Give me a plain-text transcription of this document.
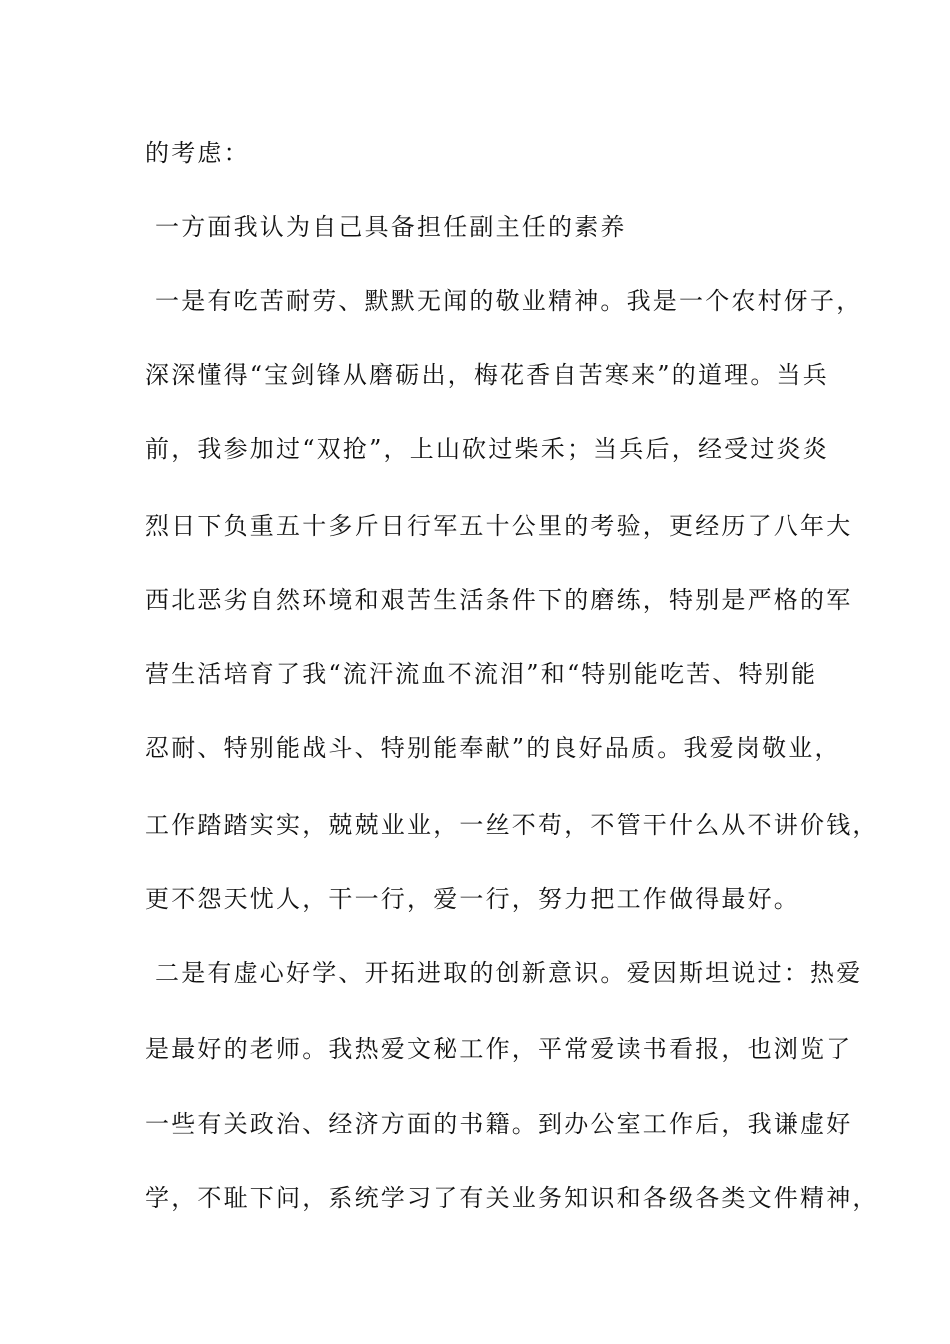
的考虑：
一方面我认为自己具备担任副主任的素养
一是有吃苦耐劳、默默无闻的敬业精神。我是一个农村伢子，
深深懂得“宝剑锋从磨砺出，梅花香自苦寒来”的道理。当兵
前，我参加过“双抢”，上山砍过柴禾；当兵后，经受过炎炎
烈日下负重五十多斤日行军五十公里的考验，更经历了八年大
西北恶劣自然环境和艰苦生活条件下的磨练，特别是严格的军
营生活培育了我“流汗流血不流泪”和“特别能吃苦、特别能
忍耐、特别能战斗、特别能奉献”的良好品质。我爱岗敬业，
工作踏踏实实，兢兢业业，一丝不苟，不管干什么从不讲价钱，
更不怨天忧人，干一行，爱一行，努力把工作做得最好。
二是有虚心好学、开拓进取的创新意识。爱因斯坦说过：热爱
是最好的老师。我热爱文秘工作，平常爱读书看报，也浏览了
一些有关政治、经济方面的书籍。到办公室工作后，我谦虚好
学，不耻下问，系统学习了有关业务知识和各级各类文件精神，
